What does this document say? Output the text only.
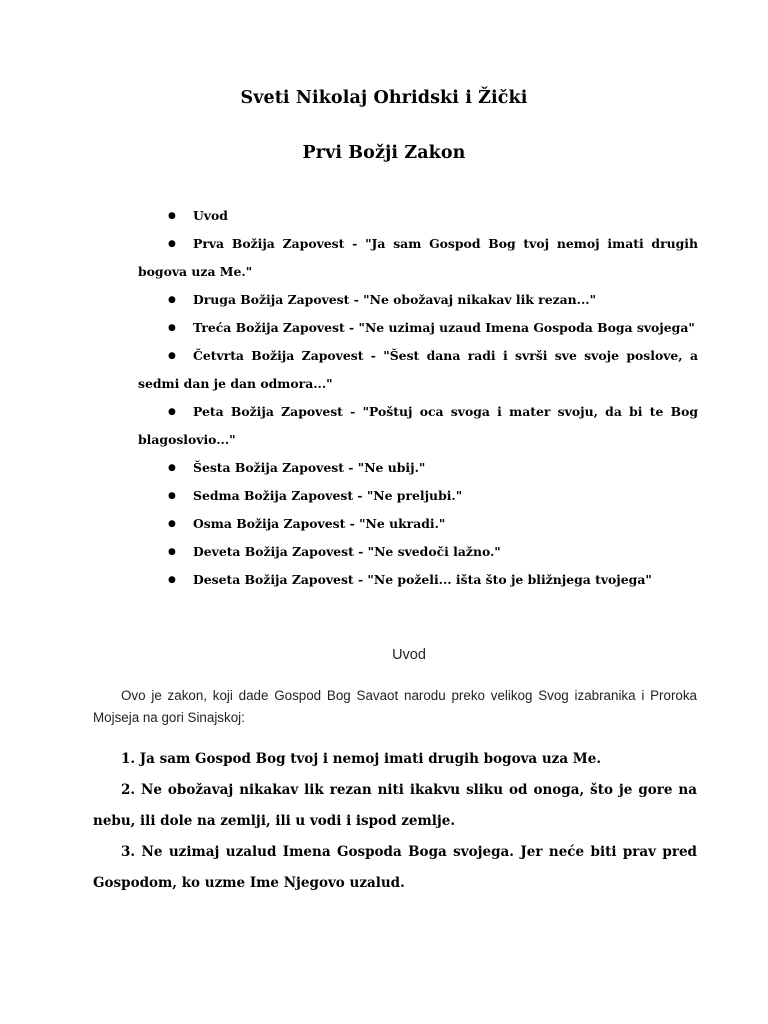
Sveti Nikolaj Ohridski i Žički
Prvi Božji Zakon
● Uvod
● Prva Božija Zapovest - "Ja sam Gospod Bog tvoj nemoj imati drugih bogova uza Me."
● Druga Božija Zapovest - "Ne obožavaj nikakav lik rezan..."
● Treća Božija Zapovest - "Ne uzimaj uzaud Imena Gospoda Boga svojega"
● Četvrta Božija Zapovest - "Šest dana radi i svrši sve svoje poslove, a sedmi dan je dan odmora..."
● Peta Božija Zapovest - "Poštuj oca svoga i mater svoju, da bi te Bog blagoslovio..."
● Šesta Božija Zapovest - "Ne ubij."
● Sedma Božija Zapovest - "Ne preljubi."
● Osma Božija Zapovest - "Ne ukradi."
● Deveta Božija Zapovest - "Ne svedoči lažno."
● Deseta Božija Zapovest - "Ne poželi... išta što je bližnjega tvojega"
Uvod

Ovo je zakon, koji dade Gospod Bog Savaot narodu preko velikog Svog izabranika i Proroka Mojseja na gori Sinajskoj:

1. Ja sam Gospod Bog tvoj i nemoj imati drugih bogova uza Me.

2. Ne obožavaj nikakav lik rezan niti ikakvu sliku od onoga, što je gore na nebu, ili dole na zemlji, ili u vodi i ispod zemlje.

3. Ne uzimaj uzalud Imena Gospoda Boga svojega. Jer neće biti prav pred Gospodom, ko uzme Ime Njegovo uzalud.
